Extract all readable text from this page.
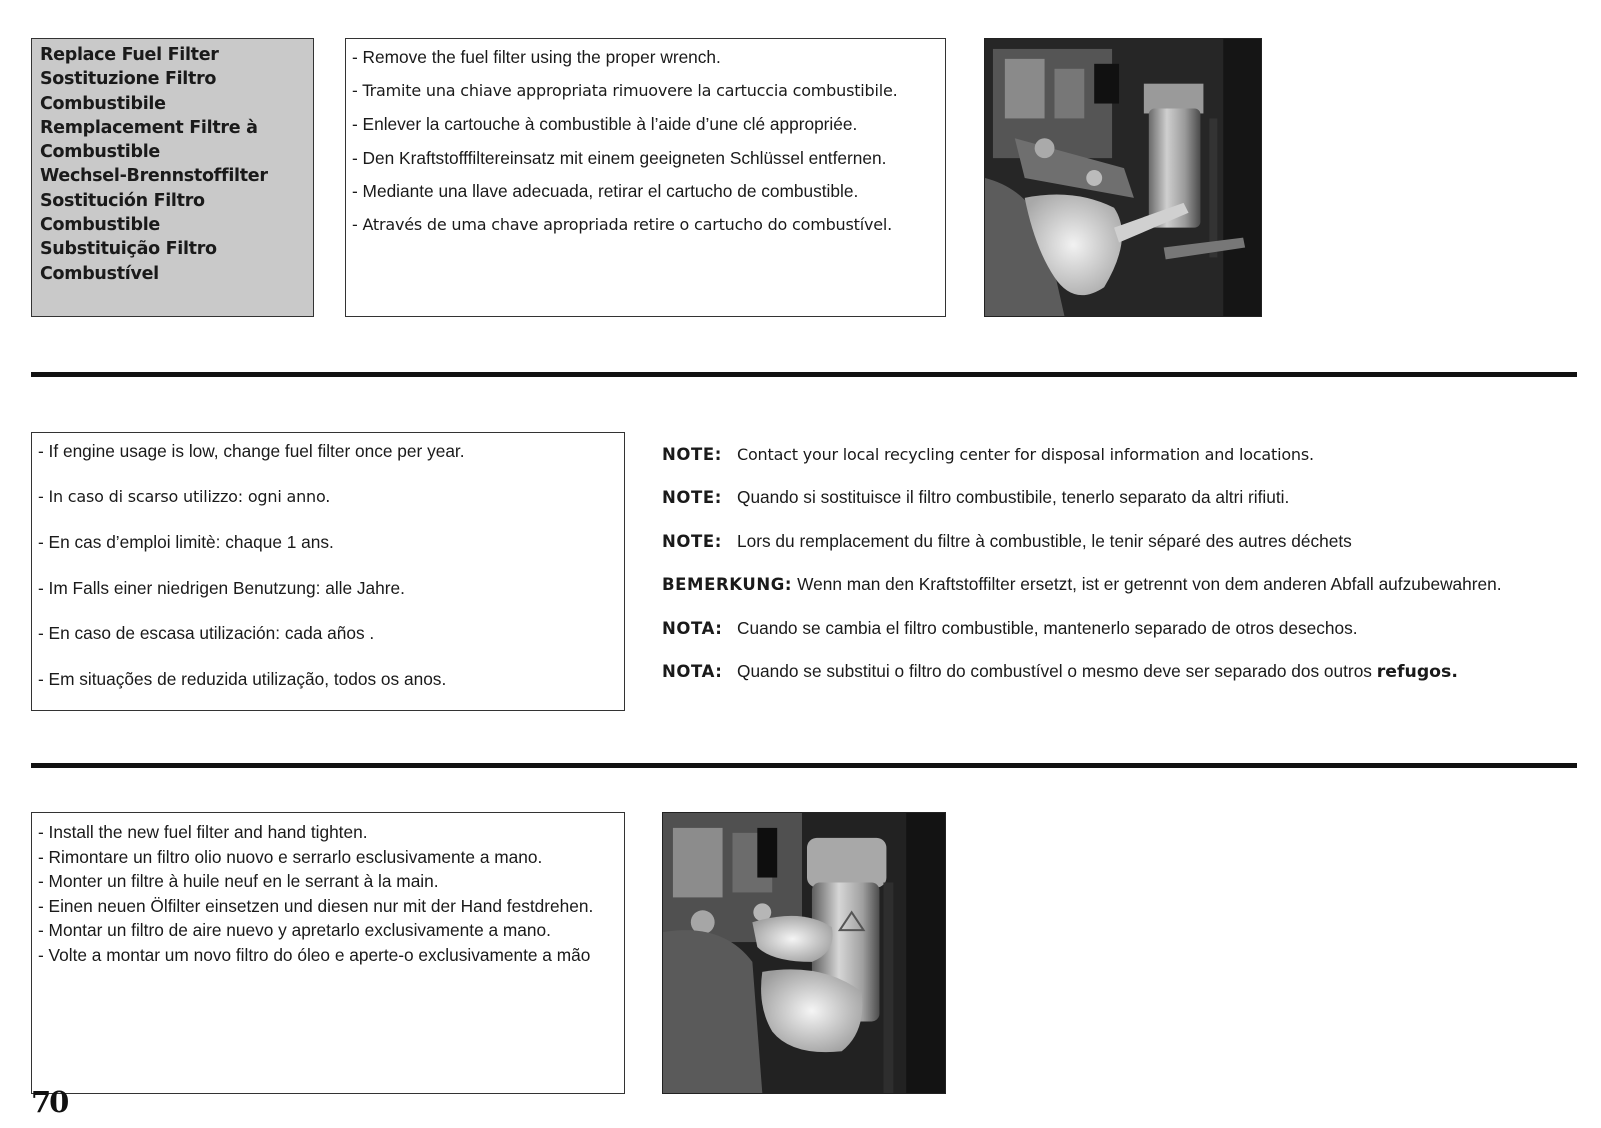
Replace Fuel Filter
Sostituzione Filtro
Combustibile
Remplacement Filtre à
Combustible
Wechsel-Brennstoffilter
Sostitución Filtro
Combustible
Substituição Filtro
Combustível
- Remove the fuel filter using the proper wrench.
- Tramite una chiave appropriata rimuovere la cartuccia combustibile.
- Enlever la cartouche à combustible à l’aide d’une clé appropriée.
- Den Kraftstofffiltereinsatz mit einem geeigneten Schlüssel entfernen.
- Mediante una llave adecuada, retirar el cartucho de combustible.
- Através de uma chave apropriada retire o cartucho do combustível.
- If engine usage is low, change fuel filter once per year.
- In caso di scarso utilizzo: ogni anno.
- En cas d’emploi limitè: chaque 1 ans.
- Im Falls einer niedrigen Benutzung: alle Jahre.
- En caso de escasa utilización: cada años .
- Em situações de reduzida utilização, todos os anos.
NOTE: Contact your local recycling center for disposal information and locations.
NOTE: Quando si sostituisce il filtro combustibile, tenerlo separato da altri rifiuti.
NOTE: Lors du remplacement du filtre à combustible, le tenir séparé des autres déchets
BEMERKUNG: Wenn man den Kraftstoffilter ersetzt, ist er getrennt von dem anderen Abfall aufzubewahren.
NOTA: Cuando se cambia el filtro combustible, mantenerlo separado de otros desechos.
NOTA: Quando se substitui o filtro do combustível o mesmo deve ser separado dos outros refugos.
- Install the new fuel filter and hand tighten.
- Rimontare un filtro olio nuovo e serrarlo esclusivamente a mano.
- Monter un filtre à huile neuf en le serrant à la main.
- Einen neuen Ölfilter einsetzen und diesen nur mit der Hand festdrehen.
- Montar un filtro de aire nuevo y apretarlo exclusivamente a mano.
- Volte a montar um novo filtro do óleo e aperte-o exclusivamente a mão
70
